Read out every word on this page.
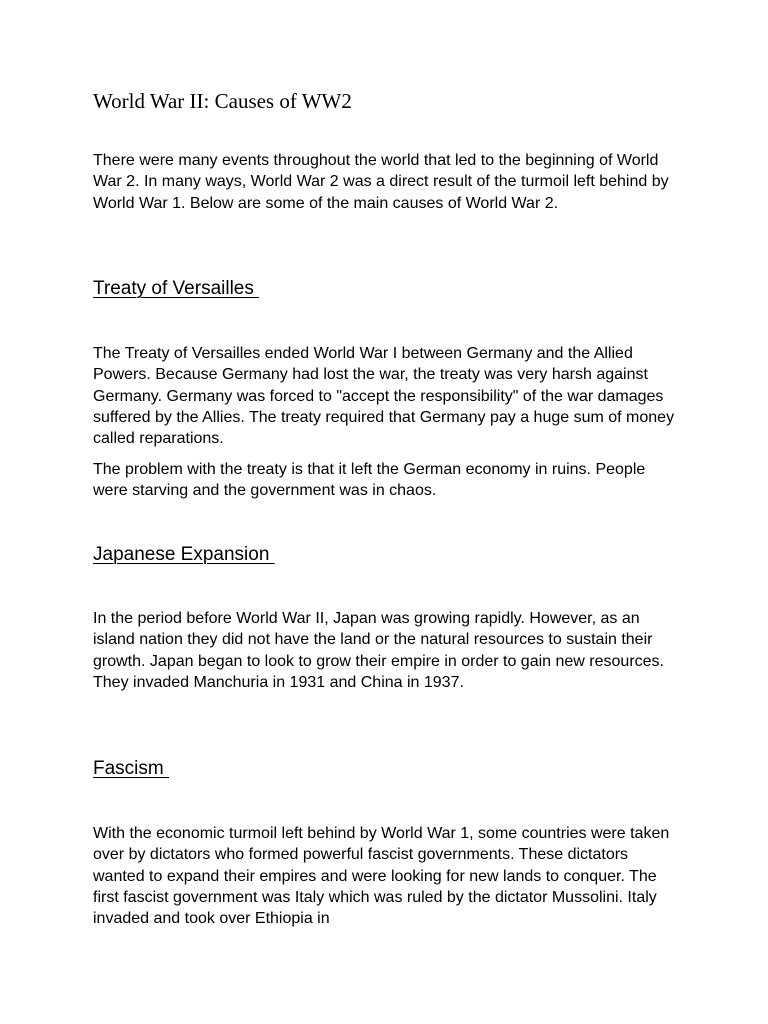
World War II: Causes of WW2

There were many events throughout the world that led to the beginning of World War 2. In many ways, World War 2 was a direct result of the turmoil left behind by World War 1. Below are some of the main causes of World War 2.

Treaty of Versailles

The Treaty of Versailles ended World War I between Germany and the Allied Powers. Because Germany had lost the war, the treaty was very harsh against Germany. Germany was forced to "accept the responsibility" of the war damages suffered by the Allies. The treaty required that Germany pay a huge sum of money called reparations.

The problem with the treaty is that it left the German economy in ruins. People were starving and the government was in chaos.

Japanese Expansion

In the period before World War II, Japan was growing rapidly. However, as an island nation they did not have the land or the natural resources to sustain their growth. Japan began to look to grow their empire in order to gain new resources. They invaded Manchuria in 1931 and China in 1937.

Fascism

With the economic turmoil left behind by World War 1, some countries were taken over by dictators who formed powerful fascist governments. These dictators wanted to expand their empires and were looking for new lands to conquer. The first fascist government was Italy which was ruled by the dictator Mussolini. Italy invaded and took over Ethiopia in
